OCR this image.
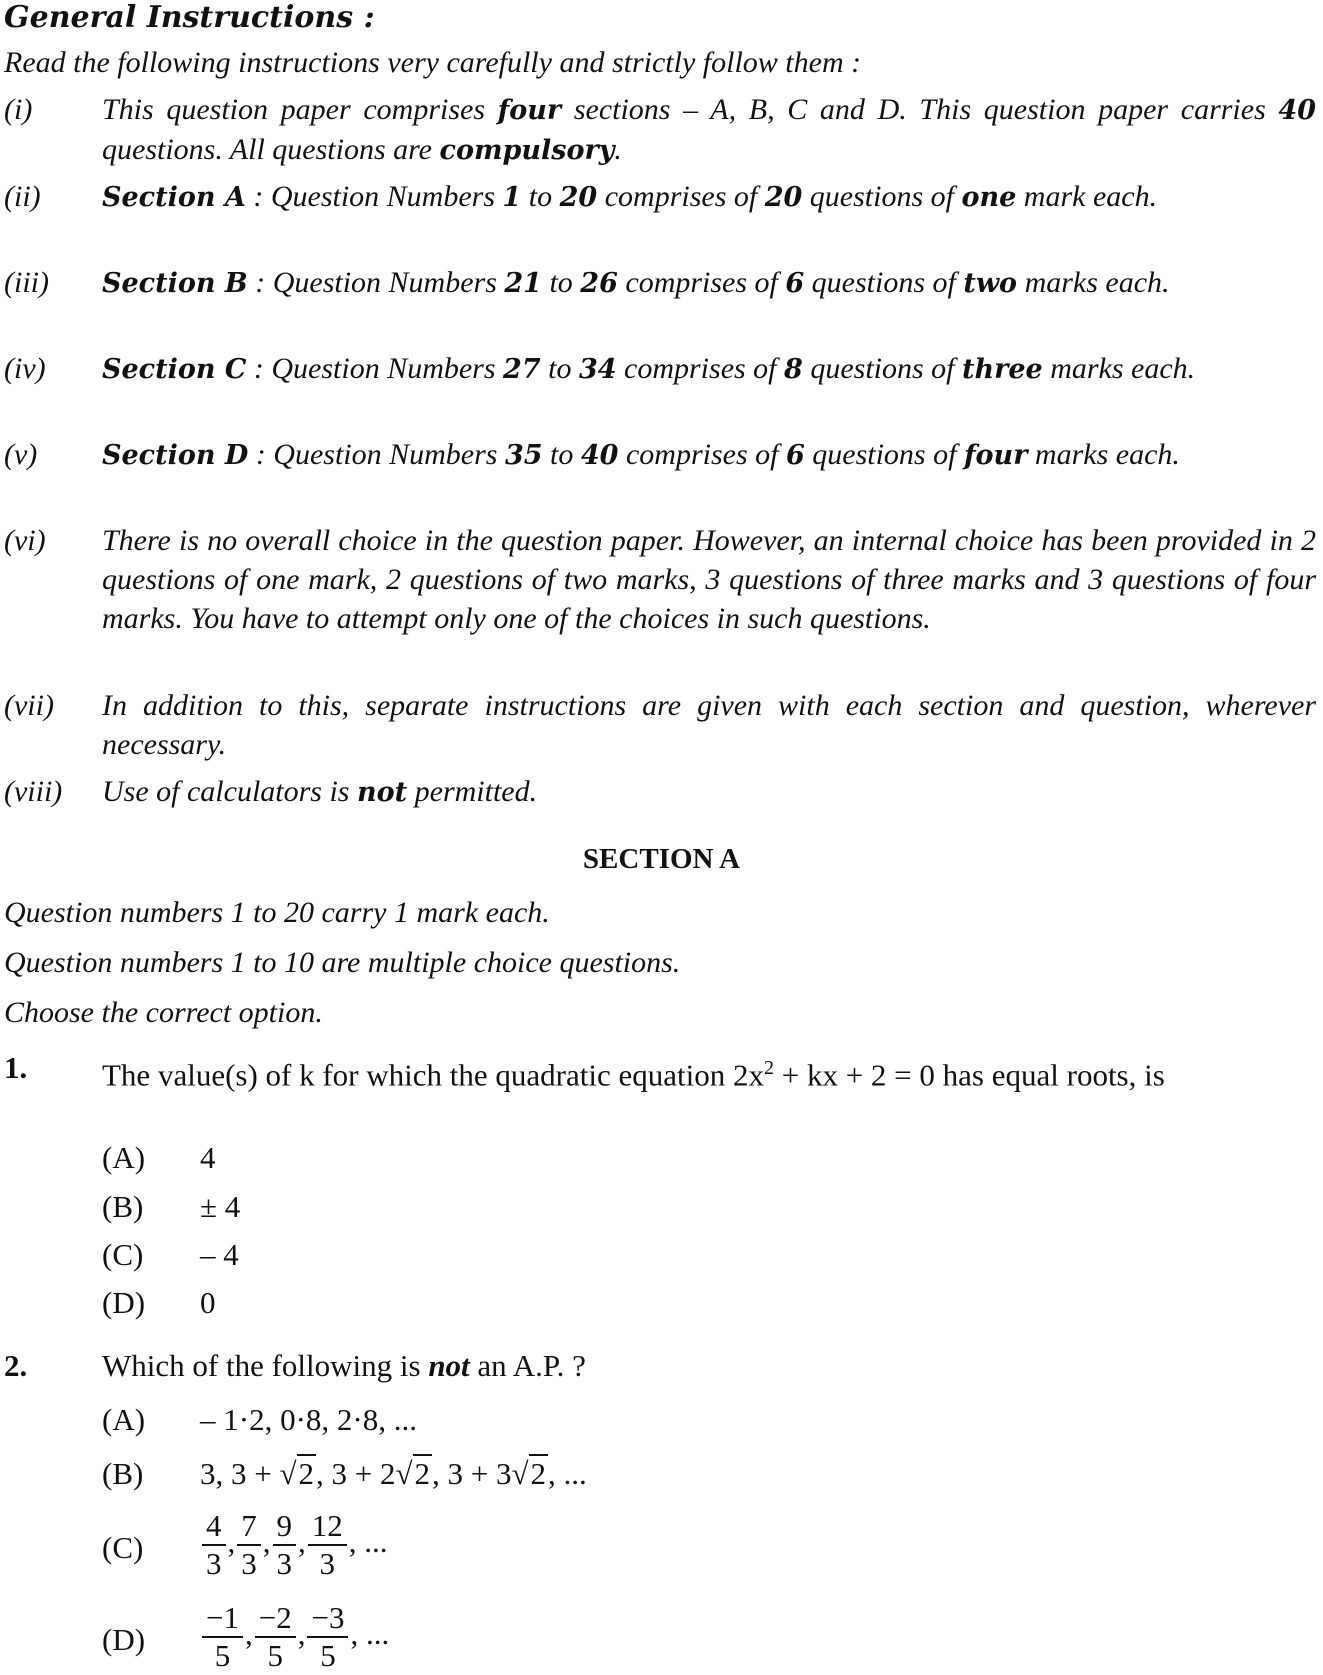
General Instructions :
Read the following instructions very carefully and strictly follow them :
(i) This question paper comprises four sections – A, B, C and D. This question paper carries 40 questions. All questions are compulsory.
(ii) Section A : Question Numbers 1 to 20 comprises of 20 questions of one mark each.
(iii) Section B : Question Numbers 21 to 26 comprises of 6 questions of two marks each.
(iv) Section C : Question Numbers 27 to 34 comprises of 8 questions of three marks each.
(v) Section D : Question Numbers 35 to 40 comprises of 6 questions of four marks each.
(vi) There is no overall choice in the question paper. However, an internal choice has been provided in 2 questions of one mark, 2 questions of two marks, 3 questions of three marks and 3 questions of four marks. You have to attempt only one of the choices in such questions.
(vii) In addition to this, separate instructions are given with each section and question, wherever necessary.
(viii) Use of calculators is not permitted.
SECTION A
Question numbers 1 to 20 carry 1 mark each.
Question numbers 1 to 10 are multiple choice questions.
Choose the correct option.
1. The value(s) of k for which the quadratic equation $2x^2$ + kx + 2 = 0 has equal roots, is
(A) 4
(B) ± 4
(C) – 4
(D) 0
2. Which of the following is not an A.P. ?
(A) – 1·2, 0·8, 2·8, ...
(B) 3, 3 + √2, 3 + 2√2, 3 + 3√2, ...
$(C) \frac{4}{3}$ , $\frac{7}{3}$ , $\frac{9}{3}$ , $\frac{12}{3}$ , ...
$(D) \frac{-1}{5}$ , $\frac{-2}{5}$ , $\frac{-3}{5}$ , ...
